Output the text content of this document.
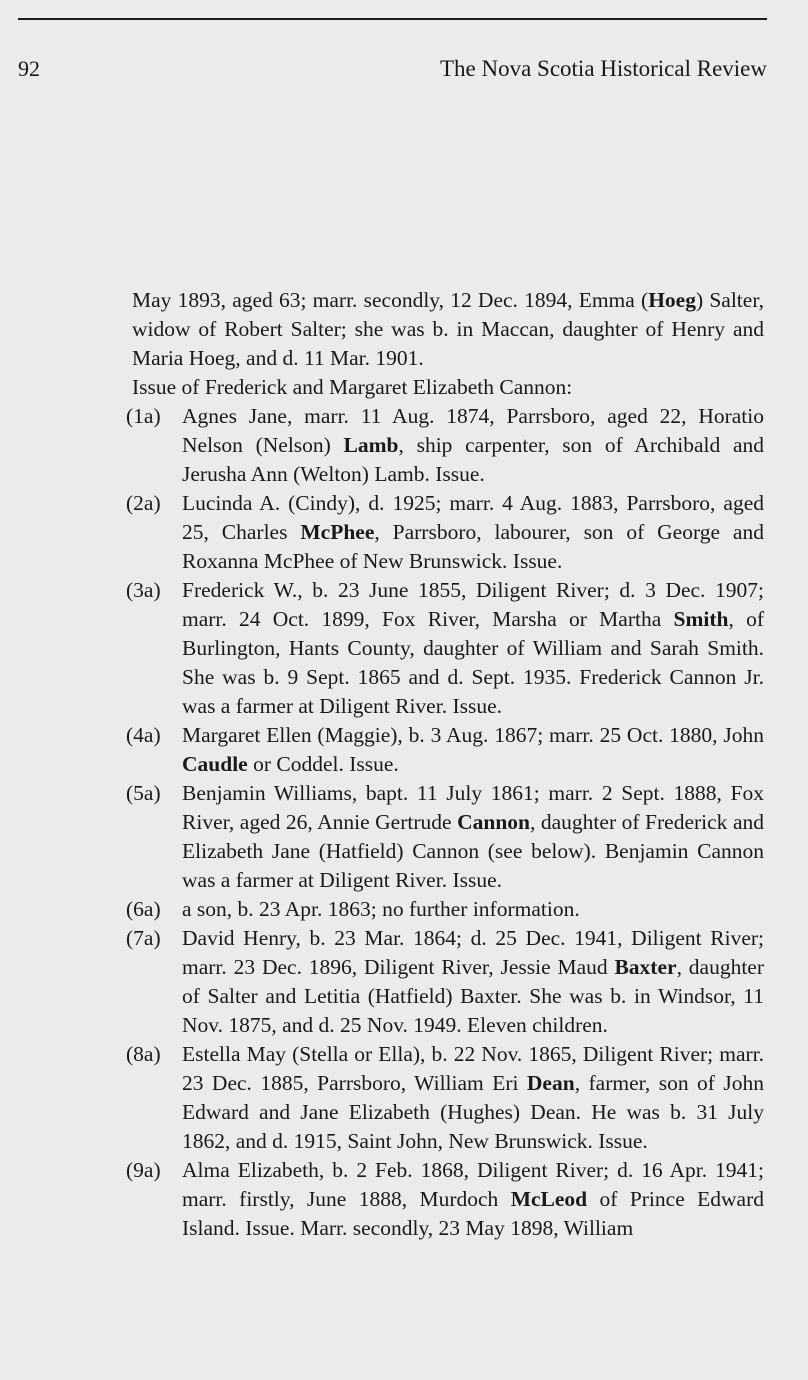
92	The Nova Scotia Historical Review

May 1893, aged 63; marr. secondly, 12 Dec. 1894, Emma (Hoeg) Salter, widow of Robert Salter; she was b. in Maccan, daughter of Henry and Maria Hoeg, and d. 11 Mar. 1901.

Issue of Frederick and Margaret Elizabeth Cannon:

(1a) Agnes Jane, marr. 11 Aug. 1874, Parrsboro, aged 22, Horatio Nelson (Nelson) Lamb, ship carpenter, son of Archibald and Jerusha Ann (Welton) Lamb. Issue.
(2a) Lucinda A. (Cindy), d. 1925; marr. 4 Aug. 1883, Parrsboro, aged 25, Charles McPhee, Parrsboro, labourer, son of George and Roxanna McPhee of New Brunswick. Issue.
(3a) Frederick W., b. 23 June 1855, Diligent River; d. 3 Dec. 1907; marr. 24 Oct. 1899, Fox River, Marsha or Martha Smith, of Burlington, Hants County, daughter of William and Sarah Smith. She was b. 9 Sept. 1865 and d. Sept. 1935. Frederick Cannon Jr. was a farmer at Diligent River. Issue.
(4a) Margaret Ellen (Maggie), b. 3 Aug. 1867; marr. 25 Oct. 1880, John Caudle or Coddel. Issue.
(5a) Benjamin Williams, bapt. 11 July 1861; marr. 2 Sept. 1888, Fox River, aged 26, Annie Gertrude Cannon, daughter of Frederick and Elizabeth Jane (Hatfield) Cannon (see below). Benjamin Cannon was a farmer at Diligent River. Issue.
(6a) a son, b. 23 Apr. 1863; no further information.
(7a) David Henry, b. 23 Mar. 1864; d. 25 Dec. 1941, Diligent River; marr. 23 Dec. 1896, Diligent River, Jessie Maud Baxter, daughter of Salter and Letitia (Hatfield) Baxter. She was b. in Windsor, 11 Nov. 1875, and d. 25 Nov. 1949. Eleven children.
(8a) Estella May (Stella or Ella), b. 22 Nov. 1865, Diligent River; marr. 23 Dec. 1885, Parrsboro, William Eri Dean, farmer, son of John Edward and Jane Elizabeth (Hughes) Dean. He was b. 31 July 1862, and d. 1915, Saint John, New Brunswick. Issue.
(9a) Alma Elizabeth, b. 2 Feb. 1868, Diligent River; d. 16 Apr. 1941; marr. firstly, June 1888, Murdoch McLeod of Prince Edward Island. Issue. Marr. secondly, 23 May 1898, William
